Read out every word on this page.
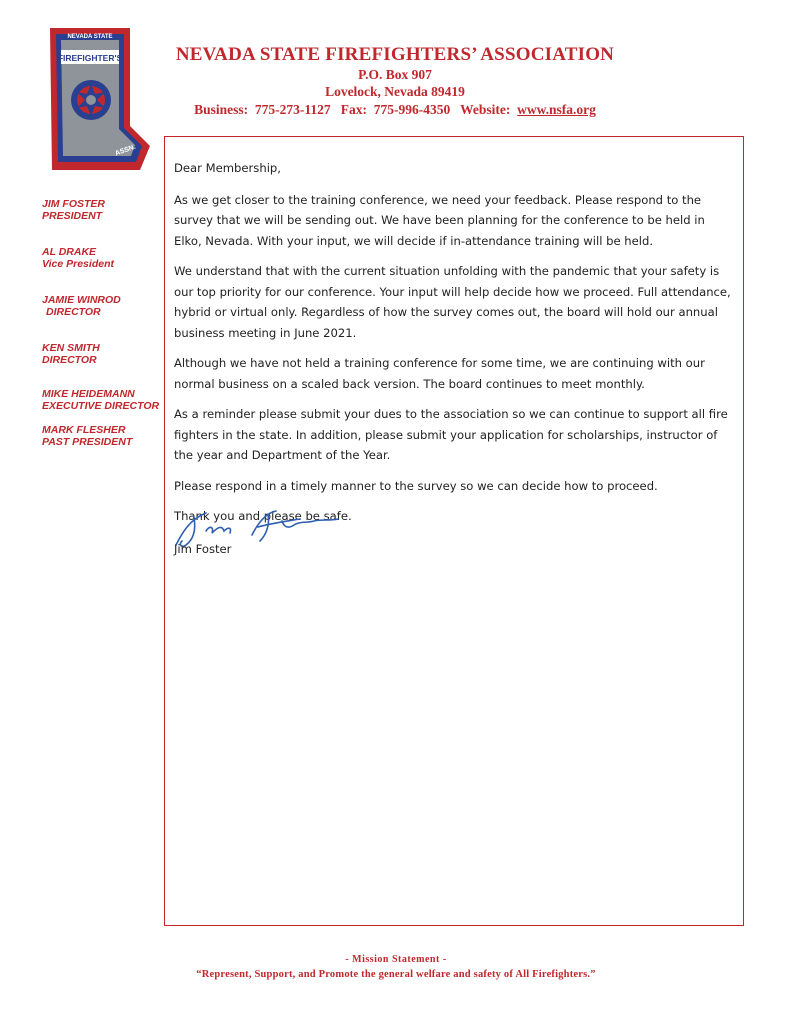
NEVADA STATE
FIREFIGHTER'S
ASSN.
NEVADA STATE FIREFIGHTERS’ ASSOCIATION
P.O. Box 907
Lovelock, Nevada 89419
Business: 775-273-1127 Fax: 775-996-4350 Website: www.nsfa.org
JIM FOSTER
PRESIDENT
AL DRAKE
Vice President
JAMIE WINROD
DIRECTOR
KEN SMITH
DIRECTOR
MIKE HEIDEMANN
EXECUTIVE DIRECTOR
MARK FLESHER
PAST PRESIDENT

Dear Membership,

As we get closer to the training conference, we need your feedback. Please respond to the survey that we will be sending out. We have been planning for the conference to be held in Elko, Nevada. With your input, we will decide if in-attendance training will be held.

We understand that with the current situation unfolding with the pandemic that your safety is our top priority for our conference. Your input will help decide how we proceed. Full attendance, hybrid or virtual only. Regardless of how the survey comes out, the board will hold our annual business meeting in June 2021.

Although we have not held a training conference for some time, we are continuing with our normal business on a scaled back version. The board continues to meet monthly.

As a reminder please submit your dues to the association so we can continue to support all fire fighters in the state. In addition, please submit your application for scholarships, instructor of the year and Department of the Year.

Please respond in a timely manner to the survey so we can decide how to proceed.

Thank you and please be safe.

Jim Foster
- Mission Statement -
“Represent, Support, and Promote the general welfare and safety of All Firefighters.”
